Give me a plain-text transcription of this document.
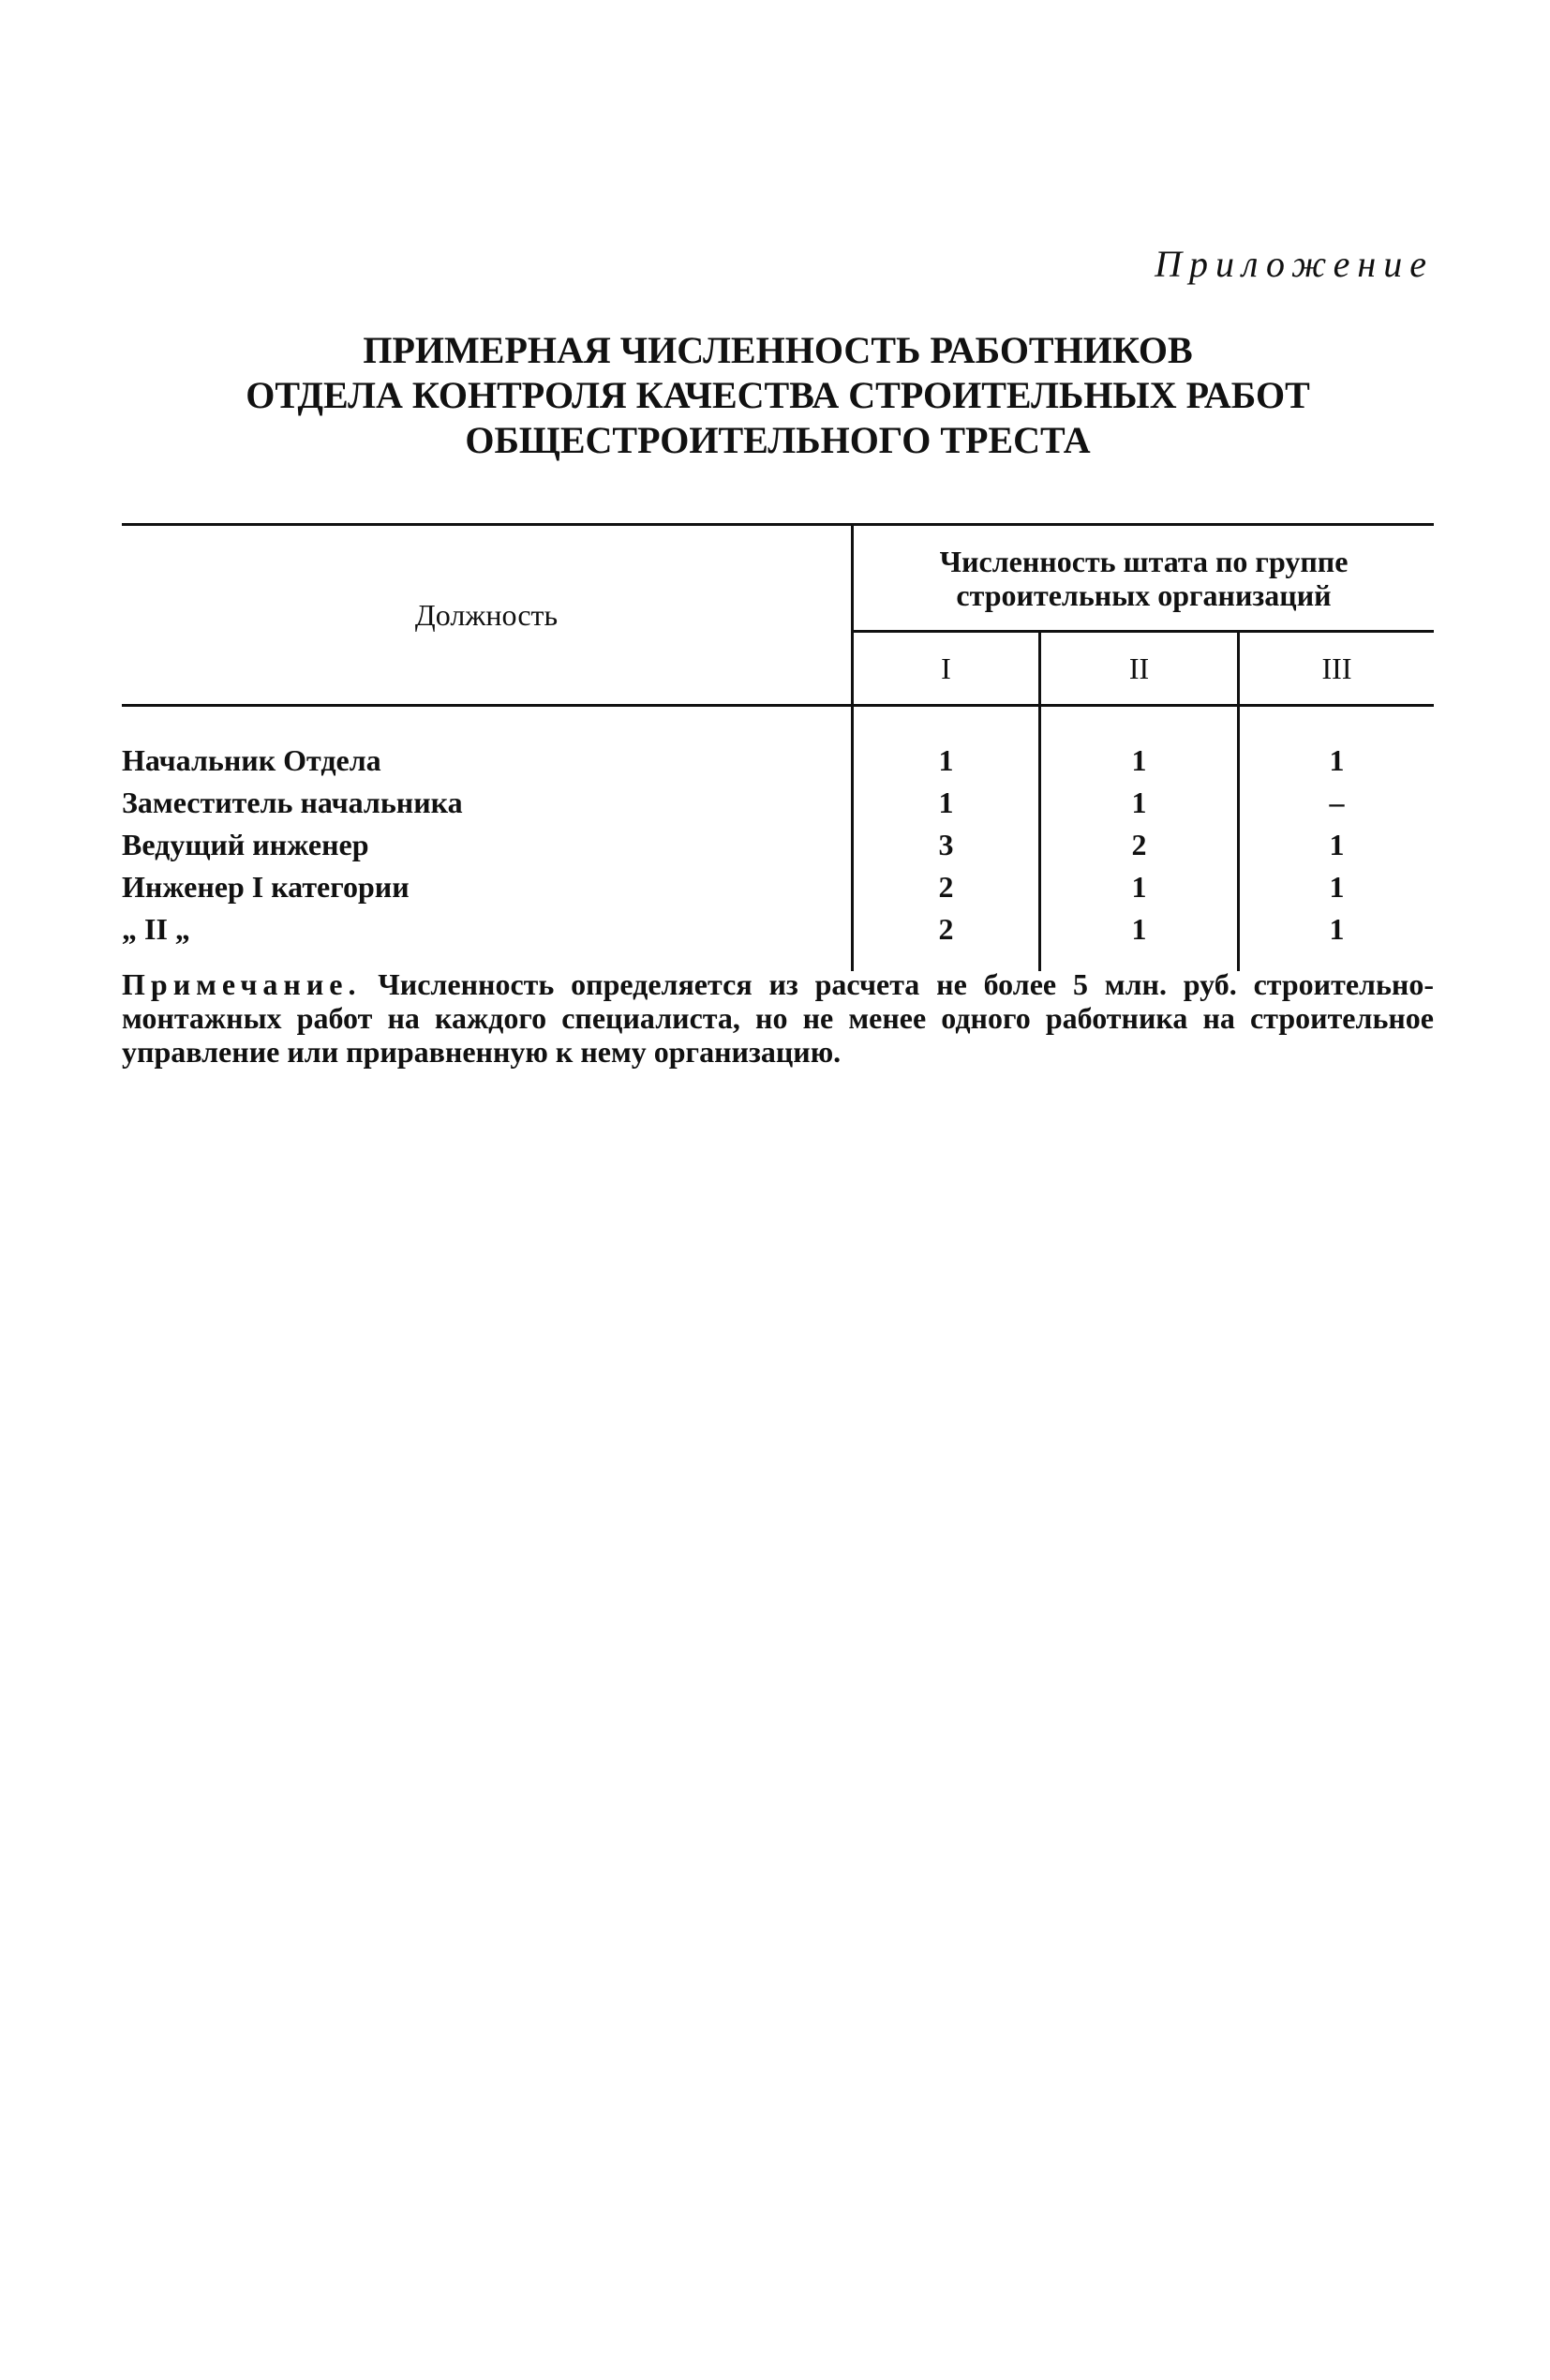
Приложение
ПРИМЕРНАЯ ЧИСЛЕННОСТЬ РАБОТНИКОВ
ОТДЕЛА КОНТРОЛЯ КАЧЕСТВА СТРОИТЕЛЬНЫХ РАБОТ
ОБЩЕСТРОИТЕЛЬНОГО ТРЕСТА
Должность	Численность штата по группе
строительных организаций		
	I	II	III
Начальник Отдела	1	1	1
Заместитель начальника	1	1	–
Ведущий инженер	3	2	1
Инженер I категории	2	1	1
„ II „	2	1	1
Примечание. Численность определяется из расчета не более 5 млн. руб. строительно-монтажных работ на каждого специалиста, но не менее одного работника на строительное управление или приравненную к нему организацию.
